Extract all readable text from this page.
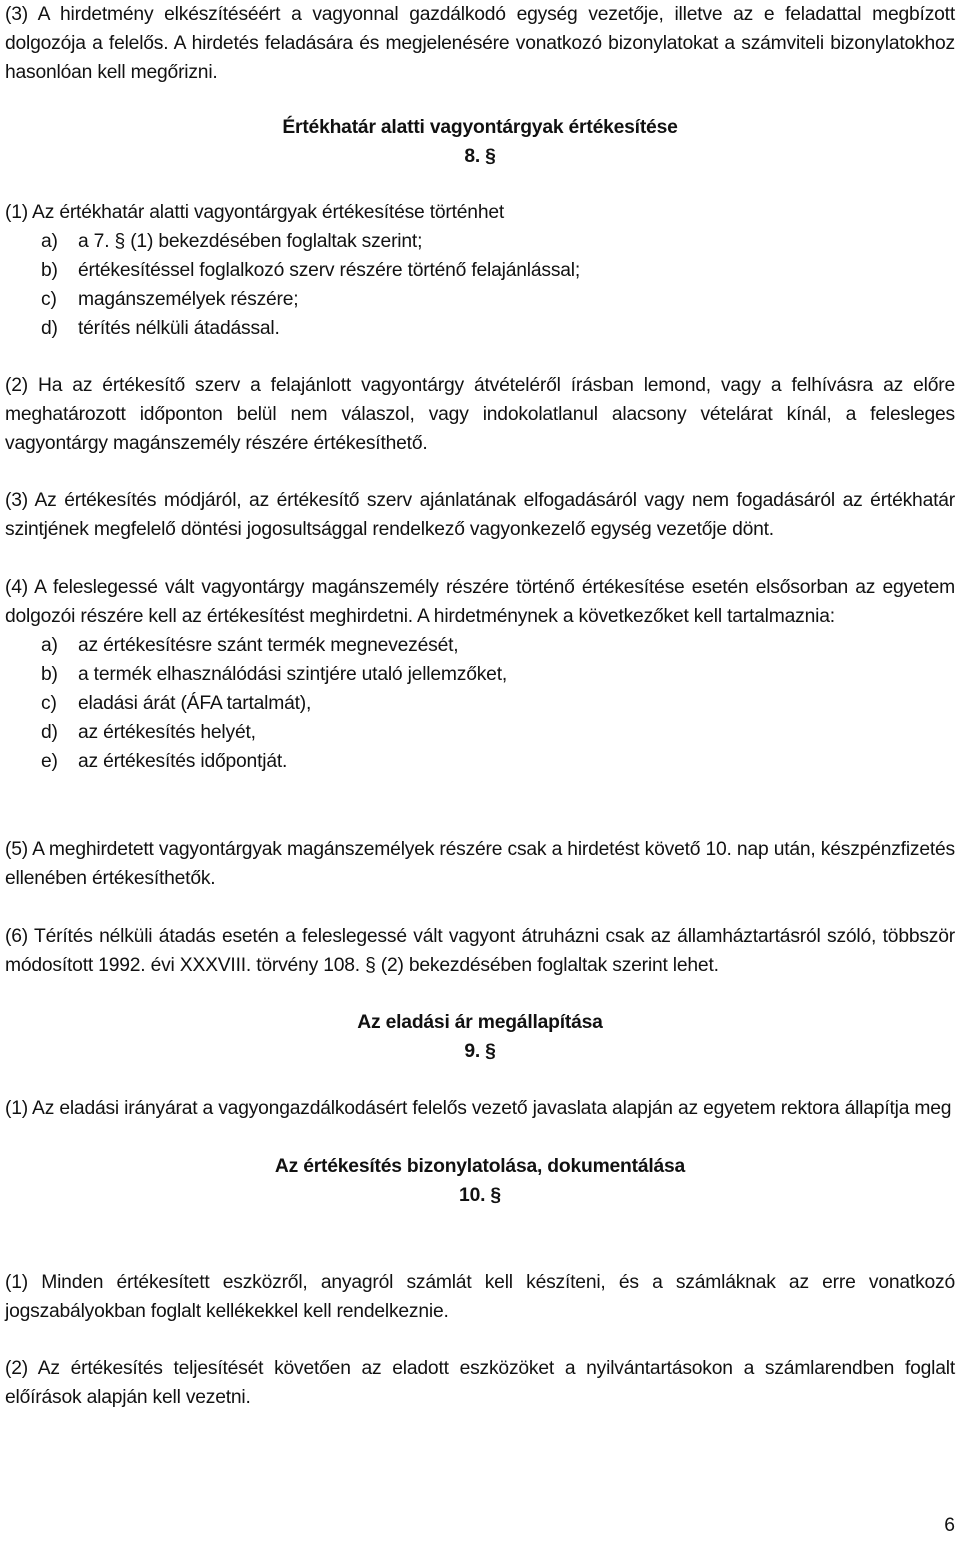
(3) A hirdetmény elkészítéséért a vagyonnal gazdálkodó egység vezetője, illetve az e feladattal megbízott dolgozója a felelős. A hirdetés feladására és megjelenésére vonatkozó bizonylatokat a számviteli bizonylatokhoz hasonlóan kell megőrizni.

Értékhatár alatti vagyontárgyak értékesítése

8. §

(1) Az értékhatár alatti vagyontárgyak értékesítése történhet

a) a 7. § (1) bekezdésében foglaltak szerint;
b) értékesítéssel foglalkozó szerv részére történő felajánlással;
c) magánszemélyek részére;
d) térítés nélküli átadással.

(2) Ha az értékesítő szerv a felajánlott vagyontárgy átvételéről írásban lemond, vagy a felhívásra az előre meghatározott időponton belül nem válaszol, vagy indokolatlanul alacsony vételárat kínál, a felesleges vagyontárgy magánszemély részére értékesíthető.

(3) Az értékesítés módjáról, az értékesítő szerv ajánlatának elfogadásáról vagy nem fogadásáról az értékhatár szintjének megfelelő döntési jogosultsággal rendelkező vagyonkezelő egység vezetője dönt.

(4) A feleslegessé vált vagyontárgy magánszemély részére történő értékesítése esetén elsősorban az egyetem dolgozói részére kell az értékesítést meghirdetni. A hirdetménynek a következőket kell tartalmaznia:

a) az értékesítésre szánt termék megnevezését,
b) a termék elhasználódási szintjére utaló jellemzőket,
c) eladási árát (ÁFA tartalmát),
d) az értékesítés helyét,
e) az értékesítés időpontját.

(5) A meghirdetett vagyontárgyak magánszemélyek részére csak a hirdetést követő 10. nap után, készpénzfizetés ellenében értékesíthetők.

(6) Térítés nélküli átadás esetén a feleslegessé vált vagyont átruházni csak az államháztartásról szóló, többször módosított 1992. évi XXXVIII. törvény 108. § (2) bekezdésében foglaltak szerint lehet.

Az eladási ár megállapítása

9. §

(1) Az eladási irányárat a vagyongazdálkodásért felelős vezető javaslata alapján az egyetem rektora állapítja meg

Az értékesítés bizonylatolása, dokumentálása

10. §

(1) Minden értékesített eszközről, anyagról számlát kell készíteni, és a számláknak az erre vonatkozó jogszabályokban foglalt kellékekkel kell rendelkeznie.

(2) Az értékesítés teljesítését követően az eladott eszközöket a nyilvántartásokon a számlarendben foglalt előírások alapján kell vezetni.

6
